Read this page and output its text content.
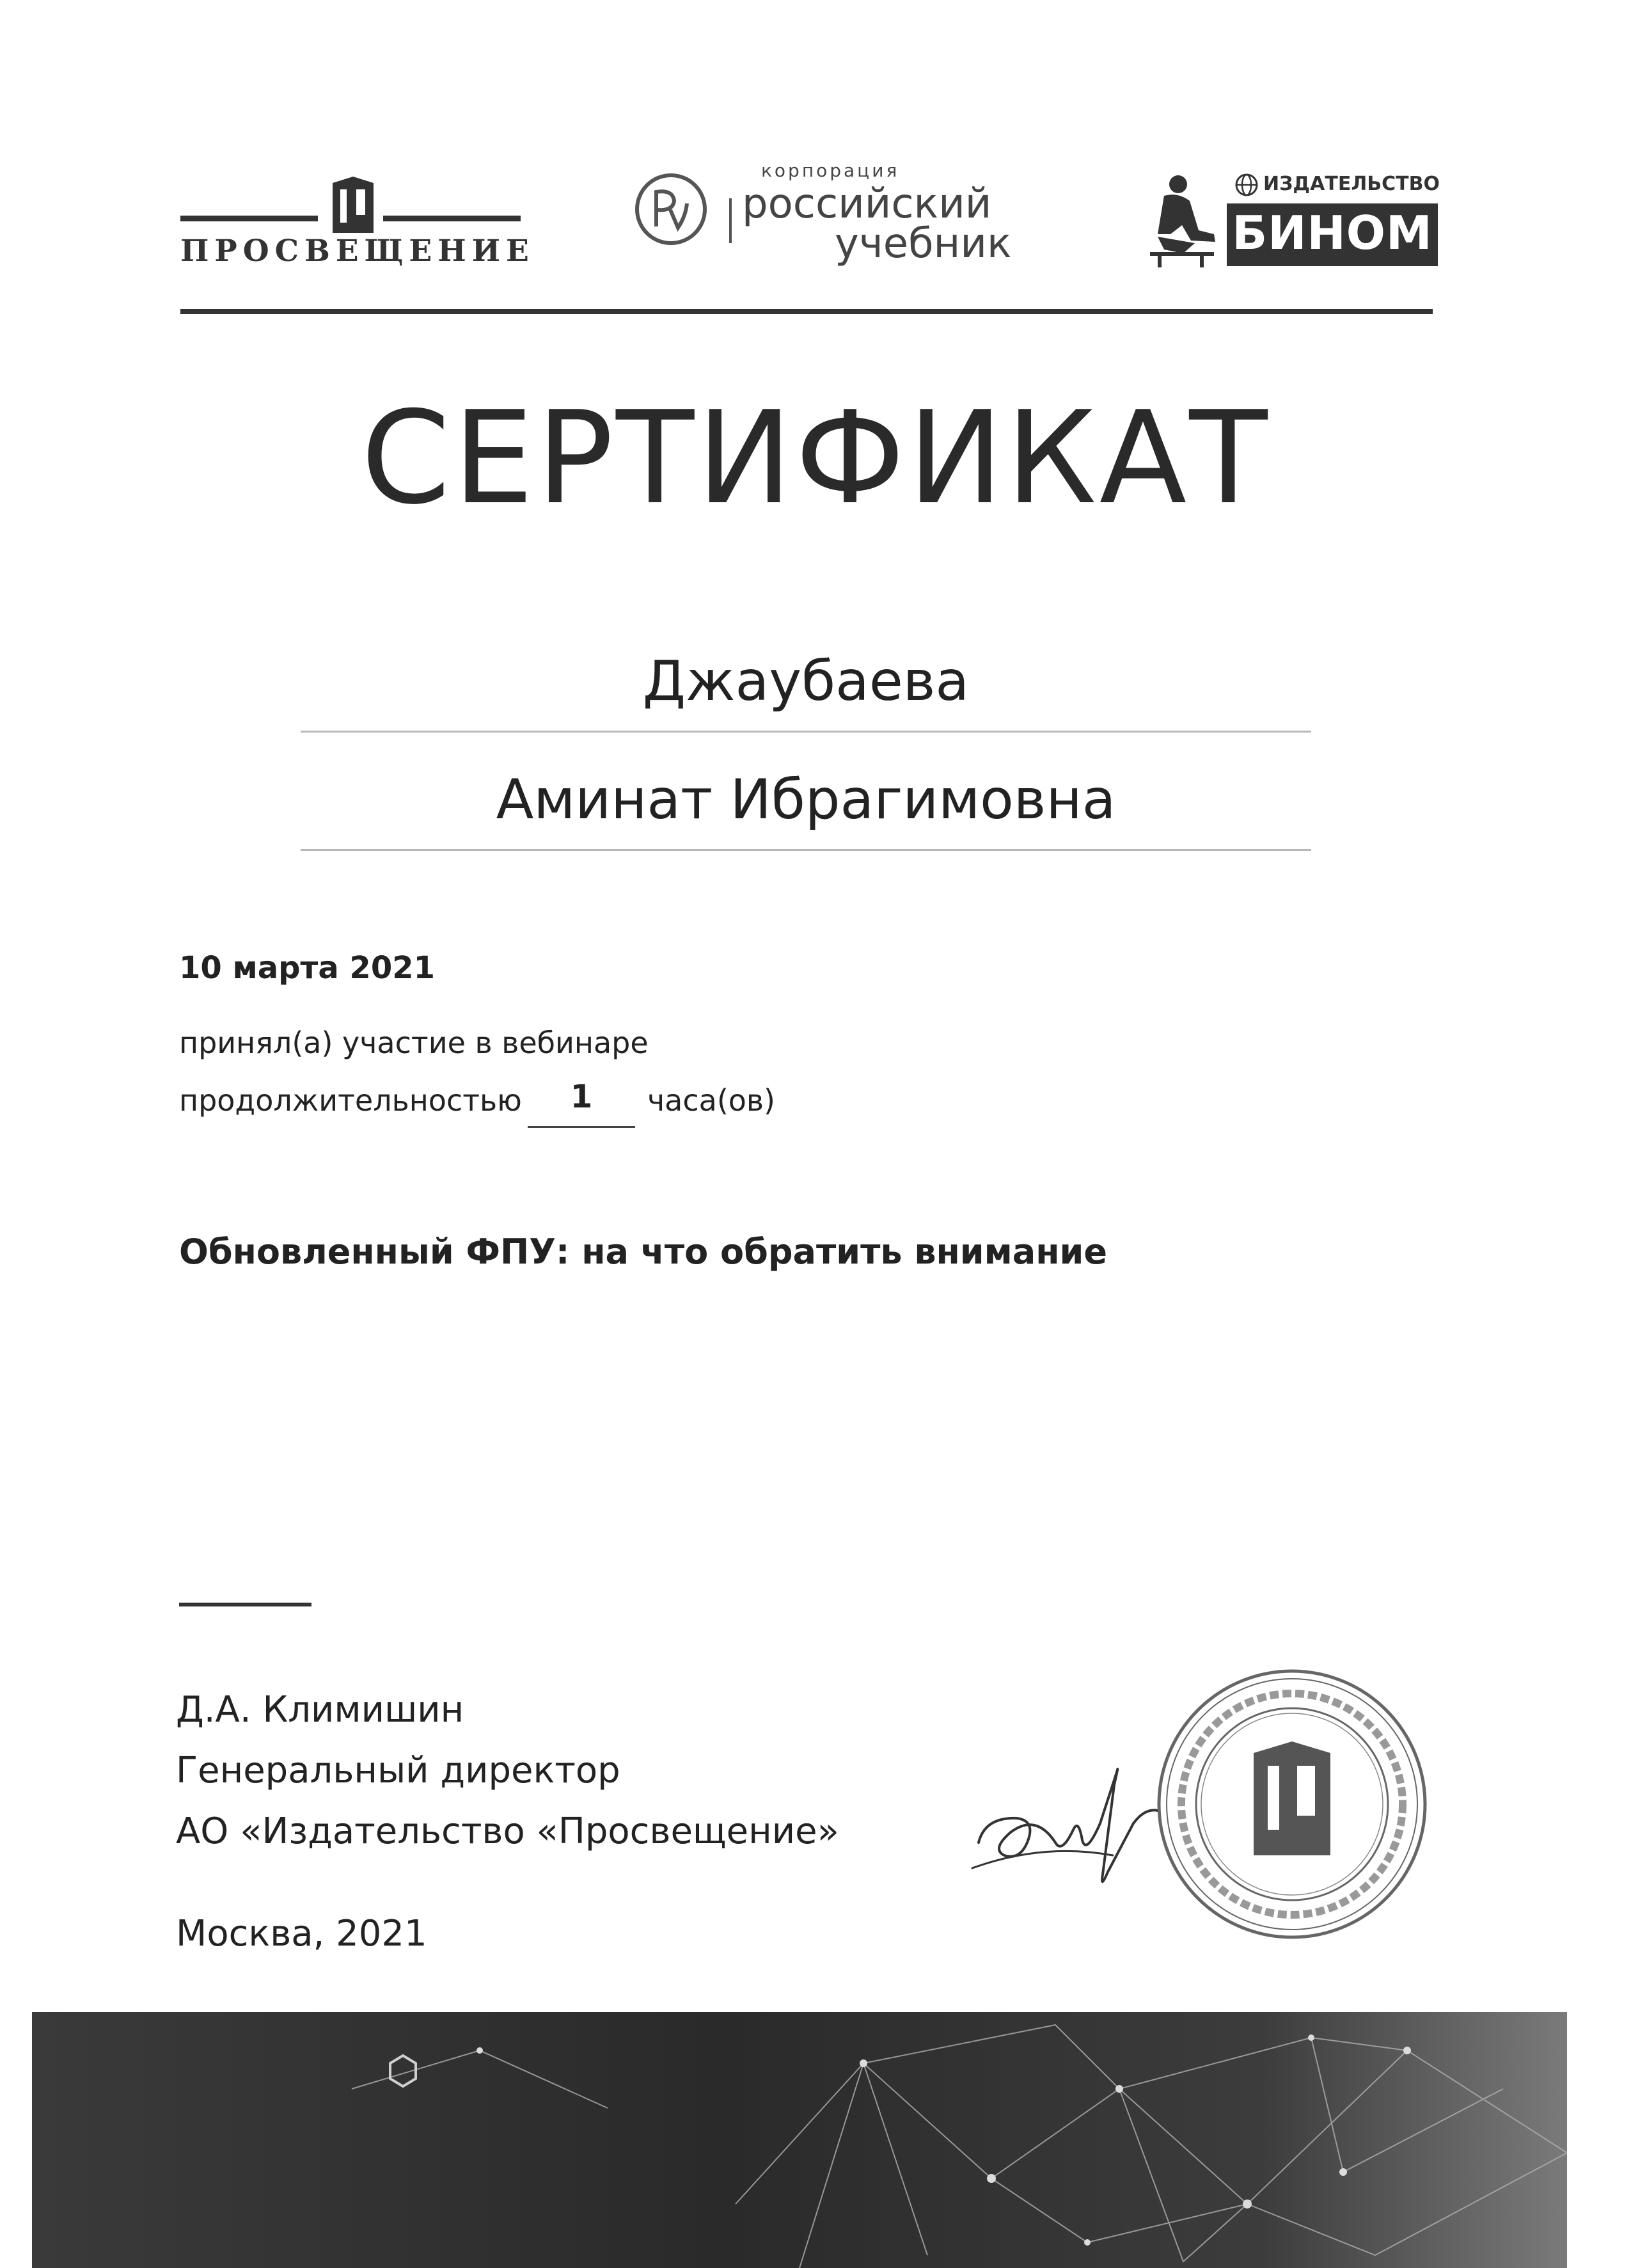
ПРОСВЕЩЕНИЕ
корпорация
российский
учебник
ИЗДАТЕЛЬСТВО
БИНОМ
СЕРТИФИКАТ
Джаубаева
Аминат Ибрагимовна
10 марта 2021
принял(а) участие в вебинаре
продолжительностью	1	часа(ов)
Обновленный ФПУ: на что обратить внимание
Д.А. Климишин
Генеральный директор
АО «Издательство «Просвещение»
Москва, 2021
